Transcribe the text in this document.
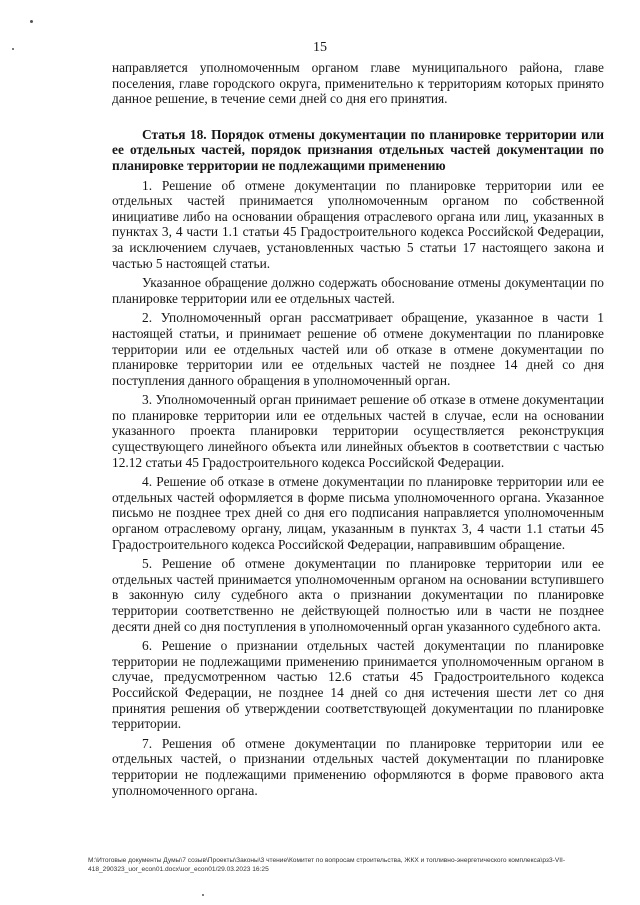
15

направляется уполномоченным органом главе муниципального района, главе поселения, главе городского округа, применительно к территориям которых принято данное решение, в течение семи дней со дня его принятия.

Статья 18. Порядок отмены документации по планировке территории или ее отдельных частей, порядок признания отдельных частей документации по планировке территории не подлежащими применению

1. Решение об отмене документации по планировке территории или ее отдельных частей принимается уполномоченным органом по собственной инициативе либо на основании обращения отраслевого органа или лиц, указанных в пунктах 3, 4 части 1.1 статьи 45 Градостроительного кодекса Российской Федерации, за исключением случаев, установленных частью 5 статьи 17 настоящего закона и частью 5 настоящей статьи.

Указанное обращение должно содержать обоснование отмены документации по планировке территории или ее отдельных частей.

2. Уполномоченный орган рассматривает обращение, указанное в части 1 настоящей статьи, и принимает решение об отмене документации по планировке территории или ее отдельных частей или об отказе в отмене документации по планировке территории или ее отдельных частей не позднее 14 дней со дня поступления данного обращения в уполномоченный орган.

3. Уполномоченный орган принимает решение об отказе в отмене документации по планировке территории или ее отдельных частей в случае, если на основании указанного проекта планировки территории осуществляется реконструкция существующего линейного объекта или линейных объектов в соответствии с частью 12.12 статьи 45 Градостроительного кодекса Российской Федерации.

4. Решение об отказе в отмене документации по планировке территории или ее отдельных частей оформляется в форме письма уполномоченного органа. Указанное письмо не позднее трех дней со дня его подписания направляется уполномоченным органом отраслевому органу, лицам, указанным в пунктах 3, 4 части 1.1 статьи 45 Градостроительного кодекса Российской Федерации, направившим обращение.

5. Решение об отмене документации по планировке территории или ее отдельных частей принимается уполномоченным органом на основании вступившего в законную силу судебного акта о признании документации по планировке территории соответственно не действующей полностью или в части не позднее десяти дней со дня поступления в уполномоченный орган указанного судебного акта.

6. Решение о признании отдельных частей документации по планировке территории не подлежащими применению принимается уполномоченным органом в случае, предусмотренном частью 12.6 статьи 45 Градостроительного кодекса Российской Федерации, не позднее 14 дней со дня истечения шести лет со дня принятия решения об утверждении соответствующей документации по планировке территории.

7. Решения об отмене документации по планировке территории или ее отдельных частей, о признании отдельных частей документации по планировке территории не подлежащими применению оформляются в форме правового акта уполномоченного органа.

M:\Итоговые документы Думы\7 созыв\Проекты\Законы\3 чтение\Комитет по вопросам строительства, ЖКХ и топливно-энергетического комплекса\рз3-VII-418_290323_uor_econ01.docx\uor_econ01/29.03.2023 16:25
